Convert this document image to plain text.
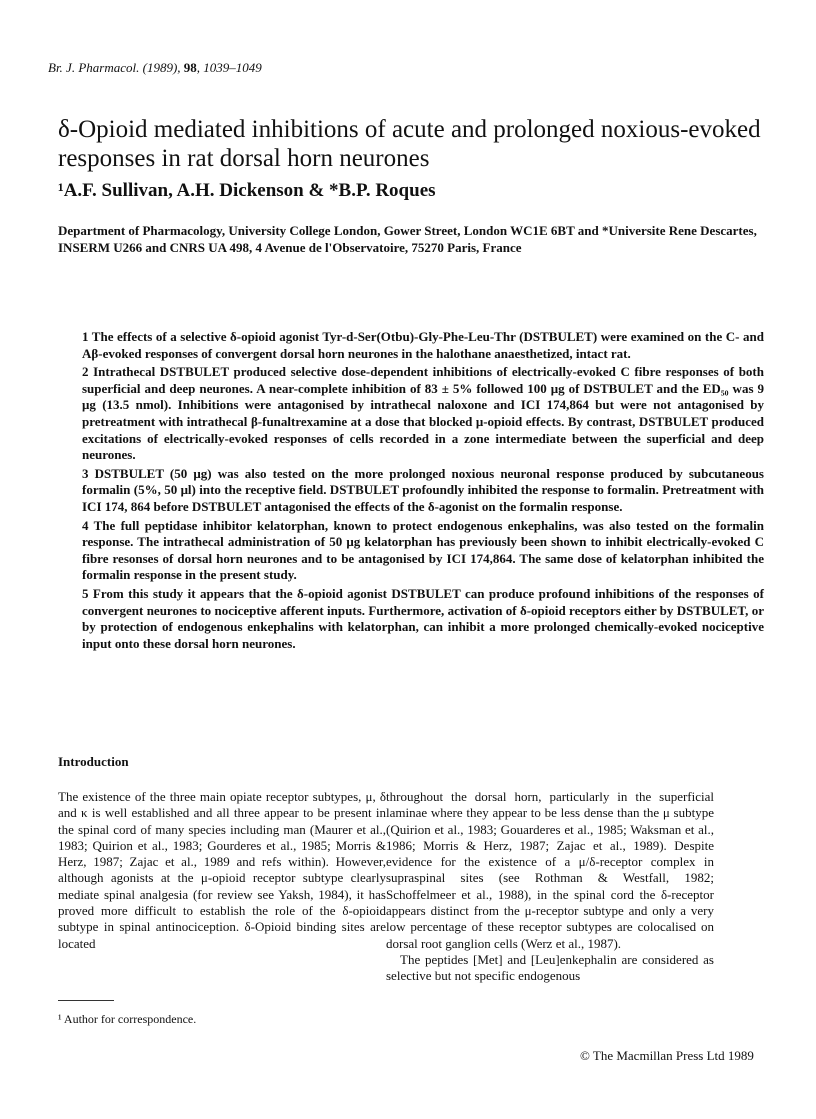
Br. J. Pharmacol. (1989), 98, 1039–1049
δ-Opioid mediated inhibitions of acute and prolonged noxious-evoked responses in rat dorsal horn neurones
¹A.F. Sullivan, A.H. Dickenson & *B.P. Roques
Department of Pharmacology, University College London, Gower Street, London WC1E 6BT and *Universite Rene Descartes, INSERM U266 and CNRS UA 498, 4 Avenue de l'Observatoire, 75270 Paris, France

1 The effects of a selective δ-opioid agonist Tyr-d-Ser(Otbu)-Gly-Phe-Leu-Thr (DSTBULET) were examined on the C- and Aβ-evoked responses of convergent dorsal horn neurones in the halothane anaesthetized, intact rat.

2 Intrathecal DSTBULET produced selective dose-dependent inhibitions of electrically-evoked C fibre responses of both superficial and deep neurones. A near-complete inhibition of 83 ± 5% followed 100 μg of DSTBULET and the ED₅₀ was 9 μg (13.5 nmol). Inhibitions were antagonised by intrathecal naloxone and ICI 174,864 but were not antagonised by pretreatment with intrathecal β-funaltrexamine at a dose that blocked μ-opioid effects. By contrast, DSTBULET produced excitations of electrically-evoked responses of cells recorded in a zone intermediate between the superficial and deep neurones.

3 DSTBULET (50 μg) was also tested on the more prolonged noxious neuronal response produced by subcutaneous formalin (5%, 50 μl) into the receptive field. DSTBULET profoundly inhibited the response to formalin. Pretreatment with ICI 174, 864 before DSTBULET antagonised the effects of the δ-agonist on the formalin response.

4 The full peptidase inhibitor kelatorphan, known to protect endogenous enkephalins, was also tested on the formalin response. The intrathecal administration of 50 μg kelatorphan has previously been shown to inhibit electrically-evoked C fibre resonses of dorsal horn neurones and to be antagonised by ICI 174,864. The same dose of kelatorphan inhibited the formalin response in the present study.

5 From this study it appears that the δ-opioid agonist DSTBULET can produce profound inhibitions of the responses of convergent neurones to nociceptive afferent inputs. Furthermore, activation of δ-opioid receptors either by DSTBULET, or by protection of endogenous enkephalins with kelatorphan, can inhibit a more prolonged chemically-evoked nociceptive input onto these dorsal horn neurones.

Introduction

The existence of the three main opiate receptor subtypes, μ, δ and κ is well established and all three appear to be present in the spinal cord of many species including man (Maurer et al., 1983; Quirion et al., 1983; Gourderes et al., 1985; Morris & Herz, 1987; Zajac et al., 1989 and refs within). However, although agonists at the μ-opioid receptor subtype clearly mediate spinal analgesia (for review see Yaksh, 1984), it has proved more difficult to establish the role of the δ-opioid subtype in spinal antinociception. δ-Opioid binding sites are located

throughout the dorsal horn, particularly in the superficial laminae where they appear to be less dense than the μ subtype (Quirion et al., 1983; Gouarderes et al., 1985; Waksman et al., 1986; Morris & Herz, 1987; Zajac et al., 1989). Despite evidence for the existence of a μ/δ-receptor complex in supraspinal sites (see Rothman & Westfall, 1982; Schoffelmeer et al., 1988), in the spinal cord the δ-receptor appears distinct from the μ-receptor subtype and only a very low percentage of these receptor subtypes are colocalised on dorsal root ganglion cells (Werz et al., 1987).

The peptides [Met] and [Leu]enkephalin are considered as selective but not specific endogenous

¹ Author for correspondence.
© The Macmillan Press Ltd 1989
